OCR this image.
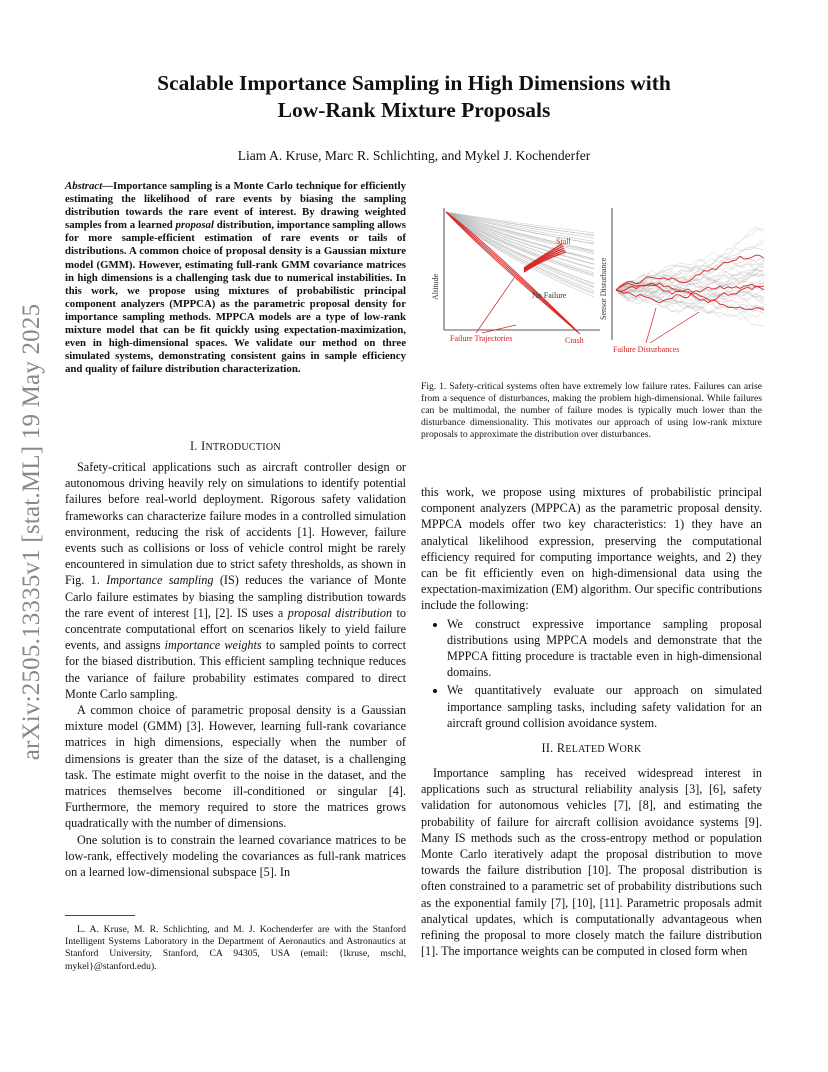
arXiv:2505.13335v1 [stat.ML] 19 May 2025
Scalable Importance Sampling in High Dimensions with
Low-Rank Mixture Proposals
Liam A. Kruse, Marc R. Schlichting, and Mykel J. Kochenderfer
Abstract—Importance sampling is a Monte Carlo technique for efficiently estimating the likelihood of rare events by biasing the sampling distribution towards the rare event of interest. By drawing weighted samples from a learned proposal distribution, importance sampling allows for more sample-efficient estimation of rare events or tails of distributions. A common choice of proposal density is a Gaussian mixture model (GMM). However, estimating full-rank GMM covariance matrices in high dimensions is a challenging task due to numerical instabilities. In this work, we propose using mixtures of probabilistic principal component analyzers (MPPCA) as the parametric proposal density for importance sampling methods. MPPCA models are a type of low-rank mixture model that can be fit quickly using expectation-maximization, even in high-dimensional spaces. We validate our method on three simulated systems, demonstrating consistent gains in sample efficiency and quality of failure distribution characterization.
I. INTRODUCTION

Safety-critical applications such as aircraft controller design or autonomous driving heavily rely on simulations to identify potential failures before real-world deployment. Rigorous safety validation frameworks can characterize failure modes in a controlled simulation environment, reducing the risk of accidents [1]. However, failure events such as collisions or loss of vehicle control might be rarely encountered in simulation due to strict safety thresholds, as shown in Fig. 1. Importance sampling (IS) reduces the variance of Monte Carlo failure estimates by biasing the sampling distribution towards the rare event of interest [1], [2]. IS uses a proposal distribution to concentrate computational effort on scenarios likely to yield failure events, and assigns importance weights to sampled points to correct for the biased distribution. This efficient sampling technique reduces the variance of failure probability estimates compared to direct Monte Carlo sampling.

A common choice of parametric proposal density is a Gaussian mixture model (GMM) [3]. However, learning full-rank covariance matrices in high dimensions, especially when the number of dimensions is greater than the size of the dataset, is a challenging task. The estimate might overfit to the noise in the dataset, and the matrices themselves become ill-conditioned or singular [4]. Furthermore, the memory required to store the matrices grows quadratically with the number of dimensions.

One solution is to constrain the learned covariance matrices to be low-rank, effectively modeling the covariances as full-rank matrices on a learned low-dimensional subspace [5]. In

L. A. Kruse, M. R. Schlichting, and M. J. Kochenderfer are with the Stanford Intelligent Systems Laboratory in the Department of Aeronautics and Astronautics at Stanford University, Stanford, CA 94305, USA (email: {lkruse, mschl, mykel}@stanford.edu).
Altitude
Stall
No Failure
Failure Trajectories	Crash
Sensor Disturbance
Failure Disturbances
Fig. 1. Safety-critical systems often have extremely low failure rates. Failures can arise from a sequence of disturbances, making the problem high-dimensional. While failures can be multimodal, the number of failure modes is typically much lower than the disturbance dimensionality. This motivates our approach of using low-rank mixture proposals to approximate the distribution over disturbances.

this work, we propose using mixtures of probabilistic principal component analyzers (MPPCA) as the parametric proposal density. MPPCA models offer two key characteristics: 1) they have an analytical likelihood expression, preserving the computational efficiency required for computing importance weights, and 2) they can be fit efficiently even on high-dimensional data using the expectation-maximization (EM) algorithm. Our specific contributions include the following:

• We construct expressive importance sampling proposal distributions using MPPCA models and demonstrate that the MPPCA fitting procedure is tractable even in high-dimensional domains.
• We quantitatively evaluate our approach on simulated importance sampling tasks, including safety validation for an aircraft ground collision avoidance system.
II. RELATED WORK

Importance sampling has received widespread interest in applications such as structural reliability analysis [3], [6], safety validation for autonomous vehicles [7], [8], and estimating the probability of failure for aircraft collision avoidance systems [9]. Many IS methods such as the cross-entropy method or population Monte Carlo iteratively adapt the proposal distribution to move towards the failure distribution [10]. The proposal distribution is often constrained to a parametric set of probability distributions such as the exponential family [7], [10], [11]. Parametric proposals admit analytical updates, which is computationally advantageous when refining the proposal to more closely match the failure distribution [1]. The importance weights can be computed in closed form when
